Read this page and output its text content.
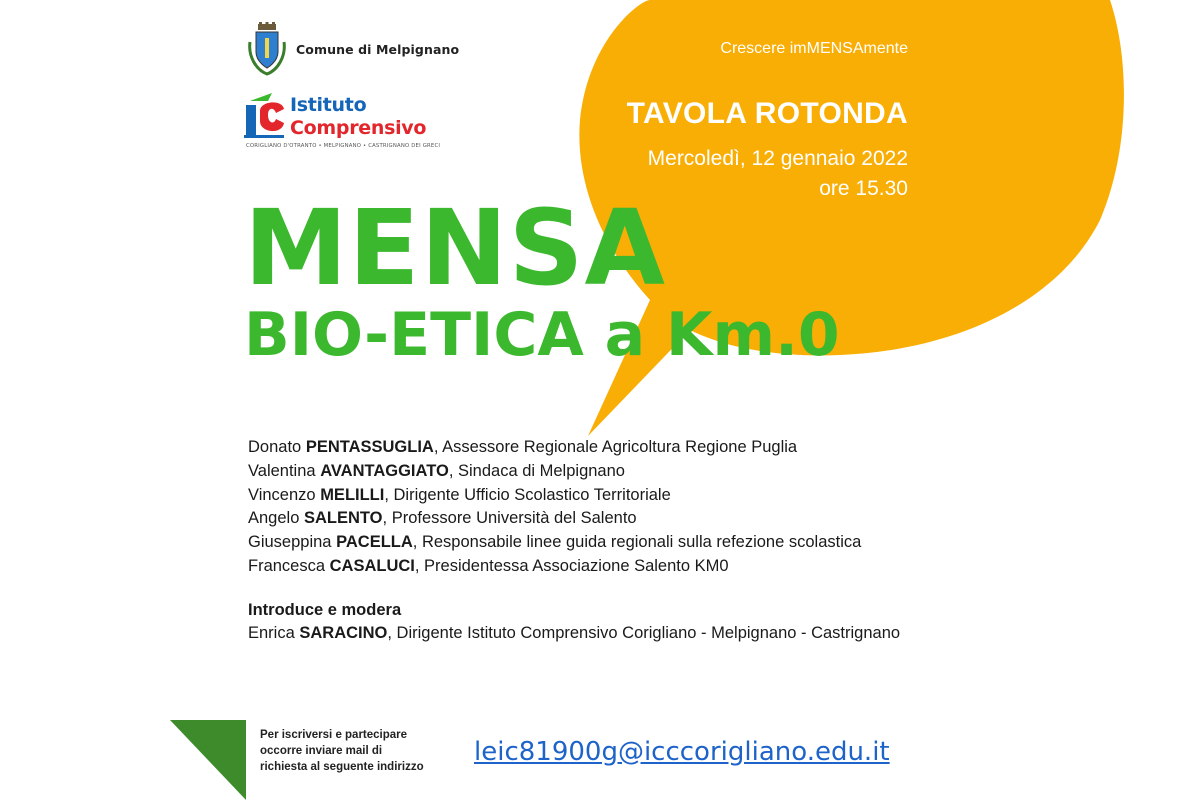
Comune di Melpignano
Istituto
Comprensivo
CORIGLIANO D'OTRANTO • MELPIGNANO • CASTRIGNANO DEI GRECI
Crescere imMENSAmente
TAVOLA ROTONDA
Mercoledì, 12 gennaio 2022
ore 15.30
MENSA
BIO-ETICA a Km.0
Donato PENTASSUGLIA, Assessore Regionale Agricoltura Regione Puglia
Valentina AVANTAGGIATO, Sindaca di Melpignano
Vincenzo MELILLI, Dirigente Ufficio Scolastico Territoriale
Angelo SALENTO, Professore Università del Salento
Giuseppina PACELLA, Responsabile linee guida regionali sulla refezione scolastica
Francesca CASALUCI, Presidentessa Associazione Salento KM0
Introduce e modera
Enrica SARACINO, Dirigente Istituto Comprensivo Corigliano - Melpignano - Castrignano
Per iscriversi e partecipare
occorre inviare mail di
richiesta al seguente indirizzo leic81900g@icccorigliano.edu.it
